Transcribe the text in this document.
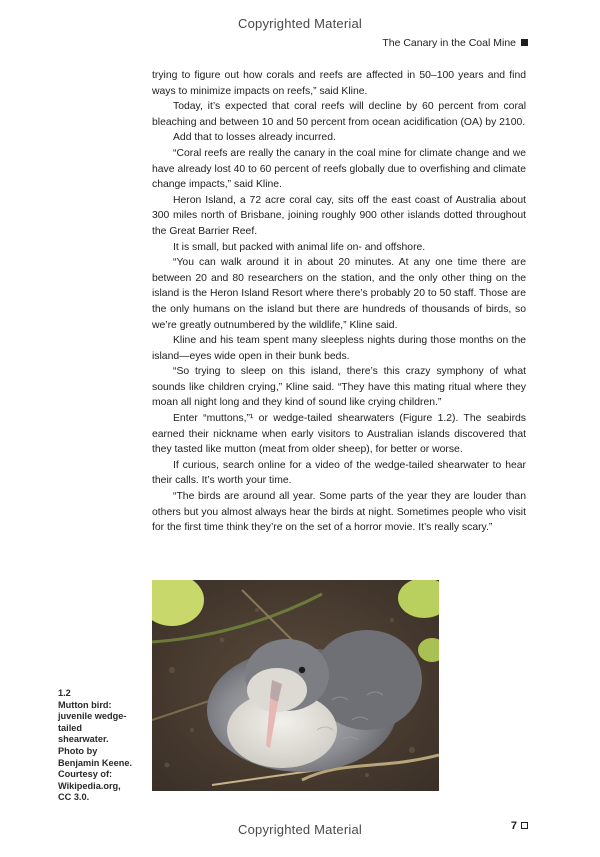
Copyrighted Material
The Canary in the Coal Mine

trying to figure out how corals and reefs are affected in 50–100 years and find ways to minimize impacts on reefs,” said Kline.

Today, it’s expected that coral reefs will decline by 60 percent from coral bleaching and between 10 and 50 percent from ocean acidification (OA) by 2100.

Add that to losses already incurred.

“Coral reefs are really the canary in the coal mine for climate change and we have already lost 40 to 60 percent of reefs globally due to overfishing and climate change impacts,” said Kline.

Heron Island, a 72 acre coral cay, sits off the east coast of Australia about 300 miles north of Brisbane, joining roughly 900 other islands dotted throughout the Great Barrier Reef.

It is small, but packed with animal life on- and offshore.

“You can walk around it in about 20 minutes. At any one time there are between 20 and 80 researchers on the station, and the only other thing on the island is the Heron Island Resort where there’s probably 20 to 50 staff. Those are the only humans on the island but there are hundreds of thousands of birds, so we’re greatly outnumbered by the wildlife,” Kline said.

Kline and his team spent many sleepless nights during those months on the island—eyes wide open in their bunk beds.

“So trying to sleep on this island, there’s this crazy symphony of what sounds like children crying,” Kline said. “They have this mating ritual where they moan all night long and they kind of sound like crying children.”

Enter “muttons,”¹ or wedge-tailed shearwaters (Figure 1.2). The seabirds earned their nickname when early visitors to Australian islands discovered that they tasted like mutton (meat from older sheep), for better or worse.

If curious, search online for a video of the wedge-tailed shearwater to hear their calls. It’s worth your time.

“The birds are around all year. Some parts of the year they are louder than others but you almost always hear the birds at night. Sometimes people who visit for the first time think they’re on the set of a horror movie. It’s really scary.”

1.2
Mutton bird: juvenile wedge-tailed shearwater. Photo by Benjamin Keene. Courtesy of: Wikipedia.org, CC 3.0.
7
Copyrighted Material
